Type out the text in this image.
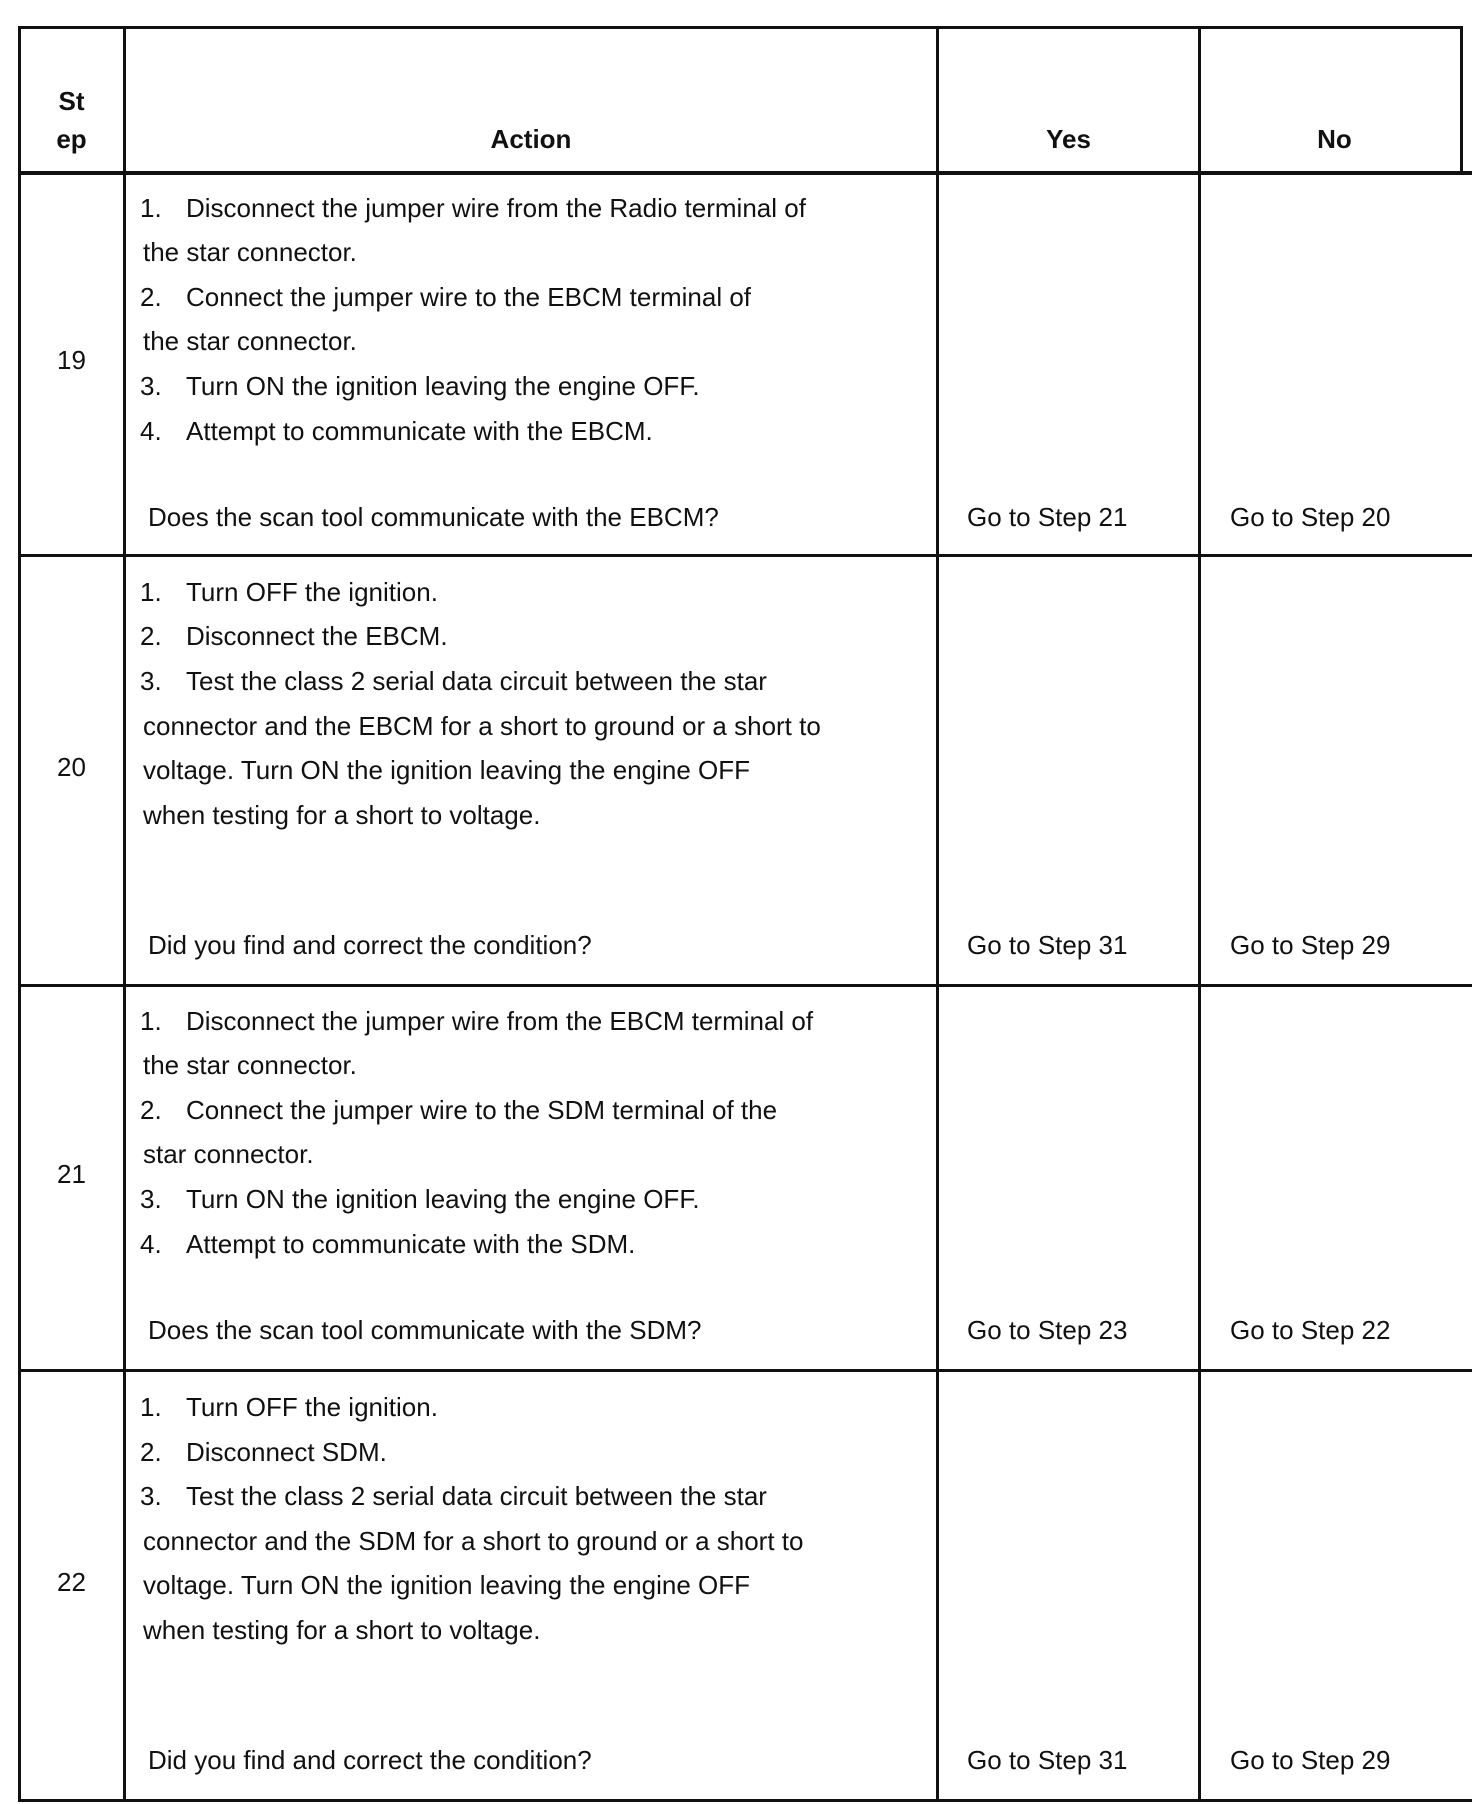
St
ep	Action	Yes	No
19
1. Disconnect the jumper wire from the Radio terminal of
the star connector.
2. Connect the jumper wire to the EBCM terminal of
the star connector.
3. Turn ON the ignition leaving the engine OFF.
4. Attempt to communicate with the EBCM.
Does the scan tool communicate with the EBCM?	Go to Step 21	Go to Step 20
20
1. Turn OFF the ignition.
2. Disconnect the EBCM.
3. Test the class 2 serial data circuit between the star
connector and the EBCM for a short to ground or a short to
voltage. Turn ON the ignition leaving the engine OFF
when testing for a short to voltage.
Did you find and correct the condition?	Go to Step 31	Go to Step 29
21
1. Disconnect the jumper wire from the EBCM terminal of
the star connector.
2. Connect the jumper wire to the SDM terminal of the
star connector.
3. Turn ON the ignition leaving the engine OFF.
4. Attempt to communicate with the SDM.
Does the scan tool communicate with the SDM?	Go to Step 23	Go to Step 22
22
1. Turn OFF the ignition.
2. Disconnect SDM.
3. Test the class 2 serial data circuit between the star
connector and the SDM for a short to ground or a short to
voltage. Turn ON the ignition leaving the engine OFF
when testing for a short to voltage.
Did you find and correct the condition?	Go to Step 31	Go to Step 29
